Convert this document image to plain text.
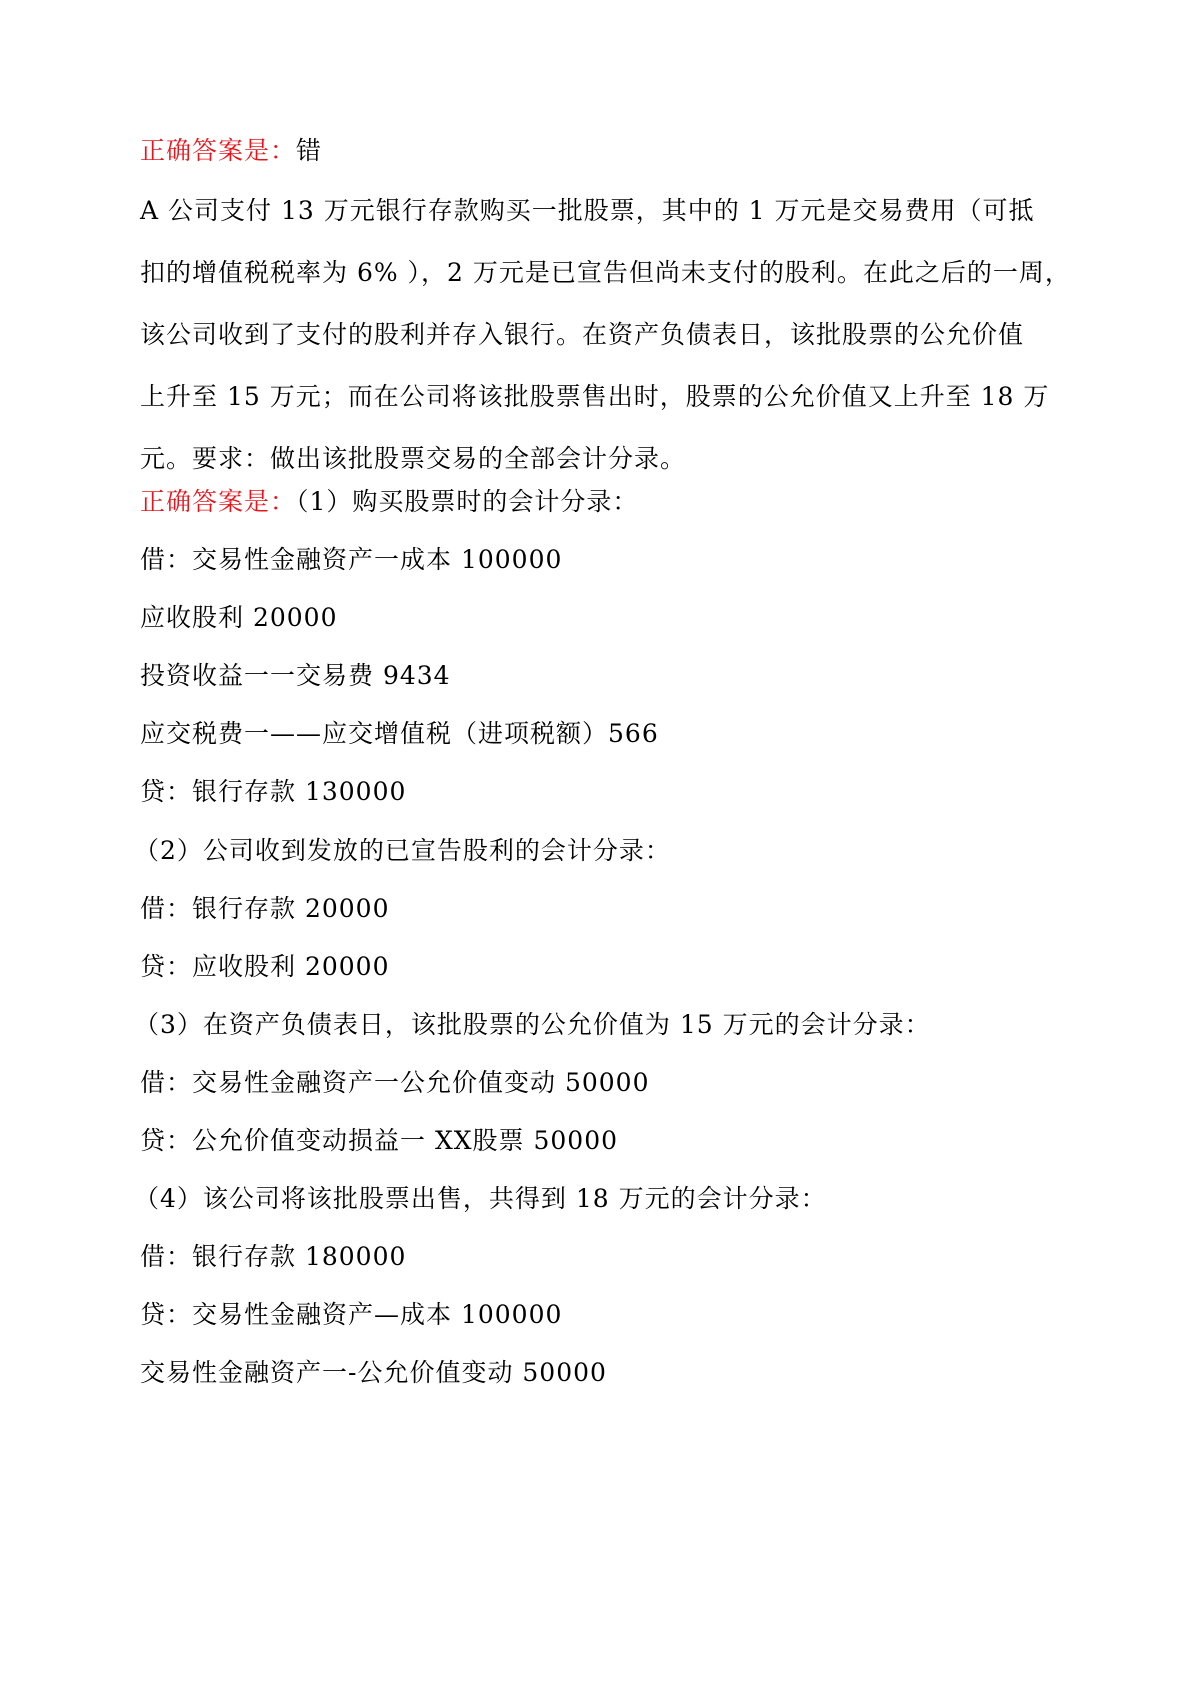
正确答案是：错
A 公司支付 13 万元银行存款购买一批股票，其中的 1 万元是交易费用（可抵
扣的增值税税率为 6% ），2 万元是已宣告但尚未支付的股利。在此之后的一周，
该公司收到了支付的股利并存入银行。在资产负债表日，该批股票的公允价值
上升至 15 万元；而在公司将该批股票售出时，股票的公允价值又上升至 18 万
元。要求：做出该批股票交易的全部会计分录。
正确答案是：（1）购买股票时的会计分录：
借：交易性金融资产一成本 100000
应收股利 20000
投资收益一一交易费 9434
应交税费一——应交增值税（进项税额）566
贷：银行存款 130000
（2）公司收到发放的已宣告股利的会计分录：
借：银行存款 20000
贷：应收股利 20000
（3）在资产负债表日，该批股票的公允价值为 15 万元的会计分录：
借：交易性金融资产一公允价值变动 50000
贷：公允价值变动损益一 XX股票 50000
（4）该公司将该批股票出售，共得到 18 万元的会计分录：
借：银行存款 180000
贷：交易性金融资产—成本 100000
交易性金融资产一-公允价值变动 50000
